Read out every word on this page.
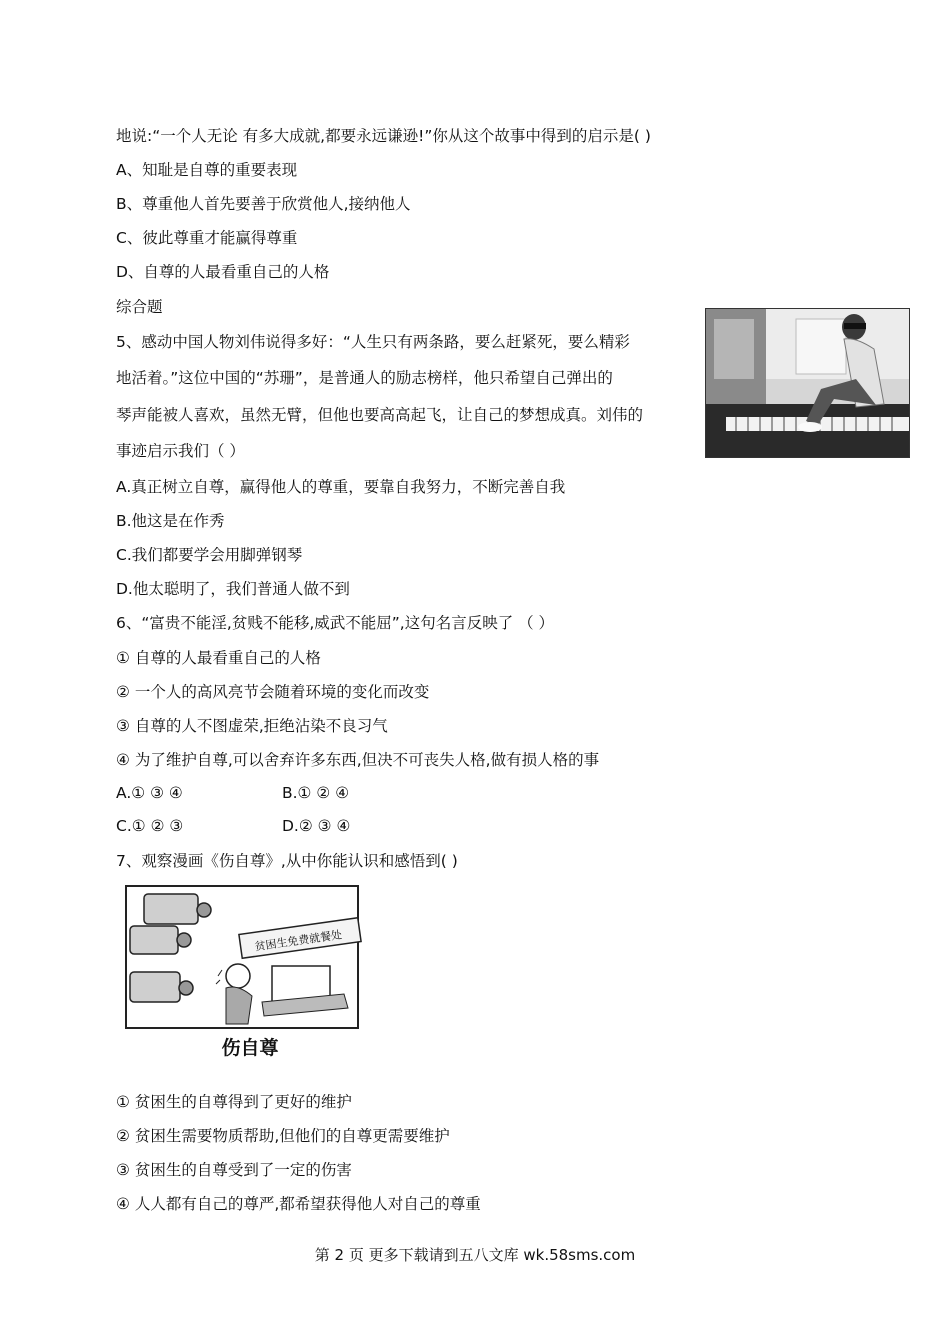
地说:“一个人无论 有多大成就,都要永远谦逊!”你从这个故事中得到的启示是( )
A、知耻是自尊的重要表现
B、尊重他人首先要善于欣赏他人,接纳他人
C、彼此尊重才能赢得尊重
D、自尊的人最看重自己的人格
综合题
5、感动中国人物刘伟说得多好：“人生只有两条路，要么赶紧死，要么精彩
地活着。”这位中国的“苏珊”，是普通人的励志榜样，他只希望自己弹出的
琴声能被人喜欢，虽然无臂，但他也要高高起飞，让自己的梦想成真。刘伟的
事迹启示我们（ ）
A.真正树立自尊，赢得他人的尊重，要靠自我努力，不断完善自我
B.他这是在作秀
C.我们都要学会用脚弹钢琴
D.他太聪明了，我们普通人做不到
6、“富贵不能淫,贫贱不能移,威武不能屈”,这句名言反映了 （ ）
① 自尊的人最看重自己的人格
② 一个人的高风亮节会随着环境的变化而改变
③ 自尊的人不图虚荣,拒绝沾染不良习气
④ 为了维护自尊,可以舍弃许多东西,但决不可丧失人格,做有损人格的事
A.① ③ ④	B.① ② ④
C.① ② ③	D.② ③ ④
7、观察漫画《伤自尊》,从中你能认识和感悟到( )
贫困生免费就餐处
伤自尊
① 贫困生的自尊得到了更好的维护
② 贫困生需要物质帮助,但他们的自尊更需要维护
③ 贫困生的自尊受到了一定的伤害
④ 人人都有自己的尊严,都希望获得他人对自己的尊重
第 2 页 更多下载请到五八文库 wk.58sms.com
